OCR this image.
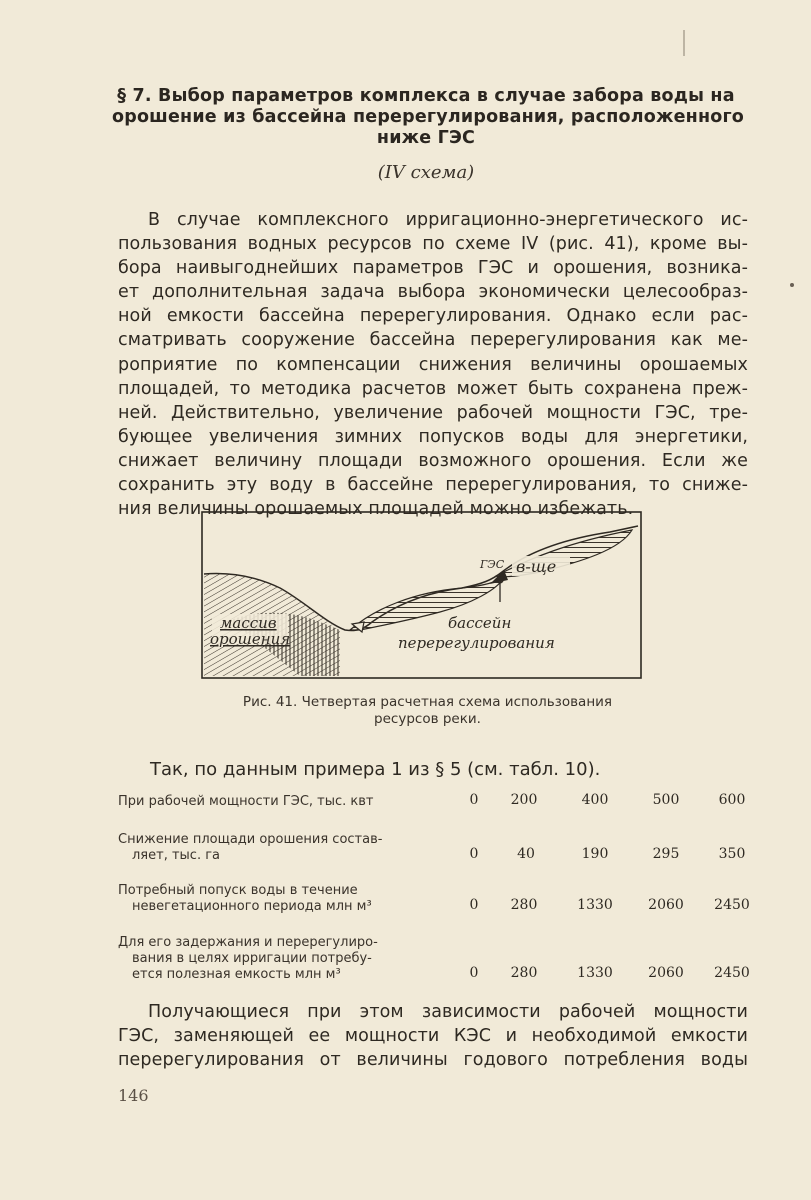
§ 7. Выбор параметров комплекса в случае забора воды на
орошение из бассейна перерегулирования, расположенного
ниже ГЭС
(IV схема)
В случае комплексного ирригационно-энергетического ис-
пользования водных ресурсов по схеме IV (рис. 41), кроме вы-
бора наивыгоднейших параметров ГЭС и орошения, возника-
ет дополнительная задача выбора экономически целесообраз-
ной емкости бассейна перерегулирования. Однако если рас-
сматривать сооружение бассейна перерегулирования как ме-
роприятие по компенсации снижения величины орошаемых
площадей, то методика расчетов может быть сохранена преж-
ней. Действительно, увеличение рабочей мощности ГЭС, тре-
бующее увеличения зимних попусков воды для энергетики,
снижает величину площади возможного орошения. Если же
сохранить эту воду в бассейне перерегулирования, то сниже-
ния величины орошаемых площадей можно избежать.
ГЭС в-ще
массив
орошения
бассейн
перерегулирования
Рис. 41. Четвертая расчетная схема использования
ресурсов реки.
Так, по данным примера 1 из § 5 (см. табл. 10).
При рабочей мощности ГЭС, тыс. квт	0	200	400	500	600
Снижение площади орошения состав-
ляет, тыс. га	0	40	190	295	350
Потребный попуск воды в течение
невегетационного периода млн м³	0	280	1330	2060	2450
Для его задержания и перерегулиро-
вания в целях ирригации потребу-
ется полезная емкость млн м³	0	280	1330	2060	2450
Получающиеся при этом зависимости рабочей мощности
ГЭС, заменяющей ее мощности КЭС и необходимой емкости
перерегулирования от величины годового потребления воды
146
